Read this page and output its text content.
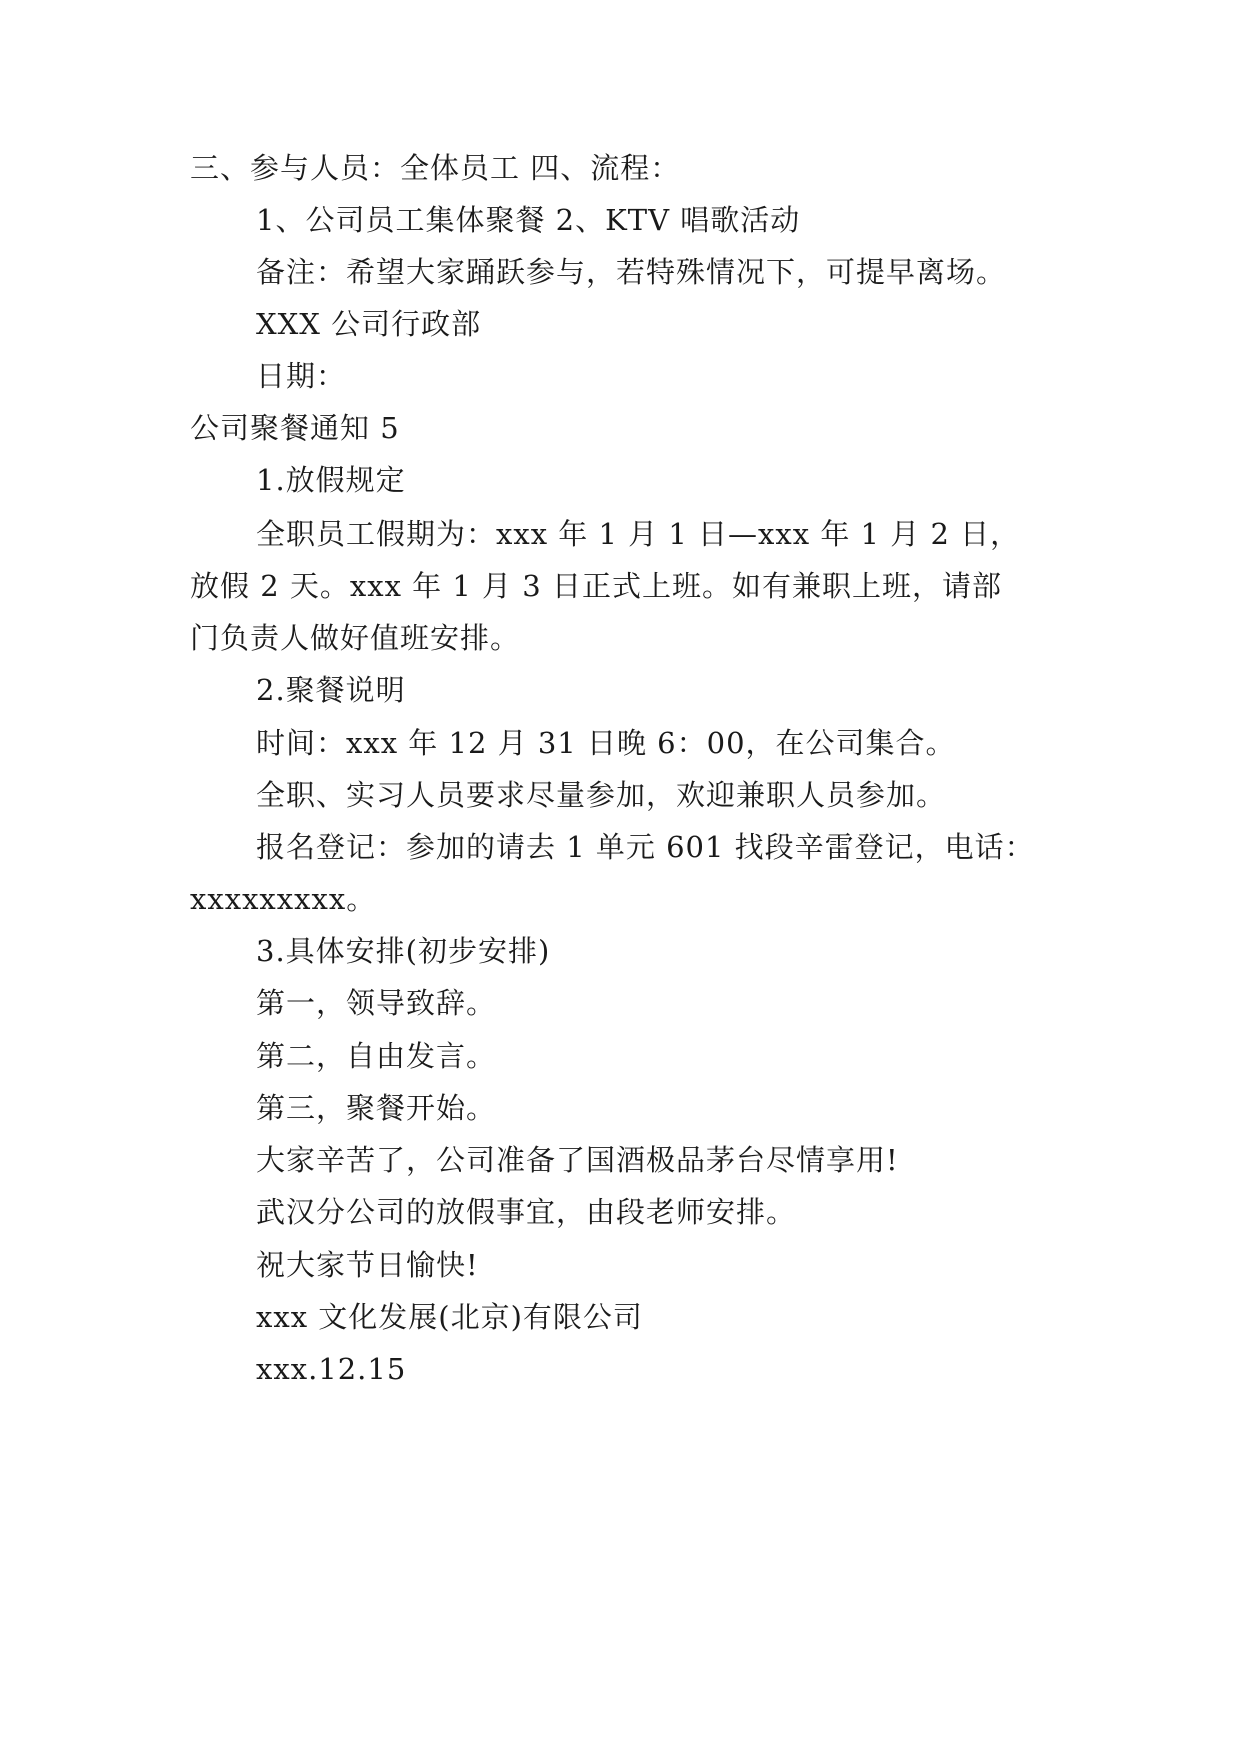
三、参与人员：全体员工 四、流程：
1、公司员工集体聚餐 2、KTV 唱歌活动
备注：希望大家踊跃参与，若特殊情况下，可提早离场。
XXX 公司行政部
日期：
公司聚餐通知 5
1.放假规定
全职员工假期为：xxx 年 1 月 1 日—xxx 年 1 月 2 日，
放假 2 天。xxx 年 1 月 3 日正式上班。如有兼职上班，请部
门负责人做好值班安排。
2.聚餐说明
时间：xxx 年 12 月 31 日晚 6：00，在公司集合。
全职、实习人员要求尽量参加，欢迎兼职人员参加。
报名登记：参加的请去 1 单元 601 找段辛雷登记，电话：
xxxxxxxxx。
3.具体安排(初步安排)
第一，领导致辞。
第二，自由发言。
第三，聚餐开始。
大家辛苦了，公司准备了国酒极品茅台尽情享用!
武汉分公司的放假事宜，由段老师安排。
祝大家节日愉快!
xxx 文化发展(北京)有限公司
xxx.12.15
